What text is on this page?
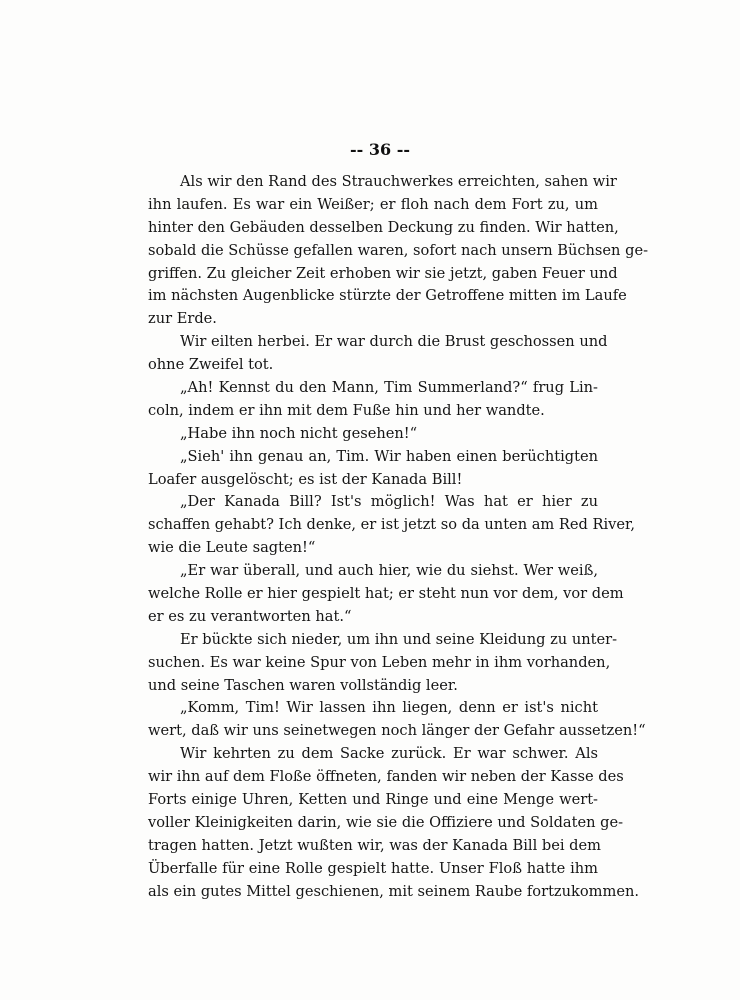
-- 36 --
Als wir den Rand des Strauchwerkes erreichten, sahen wir
ihn laufen. Es war ein Weißer; er floh nach dem Fort zu, um
hinter den Gebäuden desselben Deckung zu finden. Wir hatten,
sobald die Schüsse gefallen waren, sofort nach unsern Büchsen ge-
griffen. Zu gleicher Zeit erhoben wir sie jetzt, gaben Feuer und
im nächsten Augenblicke stürzte der Getroffene mitten im Laufe
zur Erde.
Wir eilten herbei. Er war durch die Brust geschossen und
ohne Zweifel tot.
„Ah! Kennst du den Mann, Tim Summerland?“ frug Lin-
coln, indem er ihn mit dem Fuße hin und her wandte.
„Habe ihn noch nicht gesehen!“
„Sieh' ihn genau an, Tim. Wir haben einen berüchtigten
Loafer ausgelöscht; es ist der Kanada Bill!
„Der Kanada Bill? Ist's möglich! Was hat er hier zu
schaffen gehabt? Ich denke, er ist jetzt so da unten am Red River,
wie die Leute sagten!“
„Er war überall, und auch hier, wie du siehst. Wer weiß,
welche Rolle er hier gespielt hat; er steht nun vor dem, vor dem
er es zu verantworten hat.“
Er bückte sich nieder, um ihn und seine Kleidung zu unter-
suchen. Es war keine Spur von Leben mehr in ihm vorhanden,
und seine Taschen waren vollständig leer.
„Komm, Tim! Wir lassen ihn liegen, denn er ist's nicht
wert, daß wir uns seinetwegen noch länger der Gefahr aussetzen!“
Wir kehrten zu dem Sacke zurück. Er war schwer. Als
wir ihn auf dem Floße öffneten, fanden wir neben der Kasse des
Forts einige Uhren, Ketten und Ringe und eine Menge wert-
voller Kleinigkeiten darin, wie sie die Offiziere und Soldaten ge-
tragen hatten. Jetzt wußten wir, was der Kanada Bill bei dem
Überfalle für eine Rolle gespielt hatte. Unser Floß hatte ihm
als ein gutes Mittel geschienen, mit seinem Raube fortzukommen.
